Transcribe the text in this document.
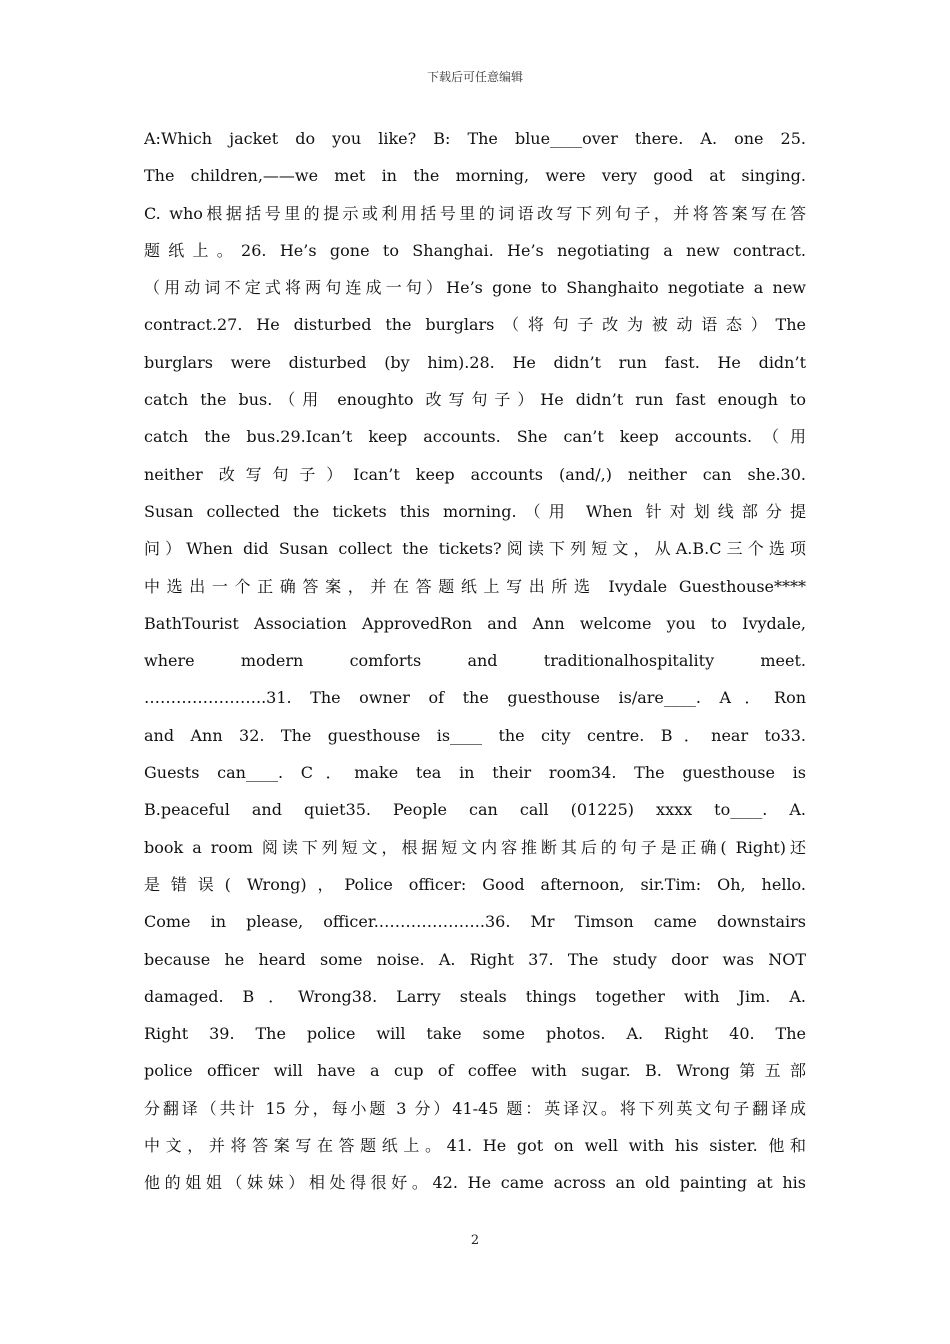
下载后可任意编辑
A:Which jacket do you like? B: The blue____over there. A. one 25.
The children,——we met in the morning, were very good at singing.
C. who根据括号里的提示或利用括号里的词语改写下列句子，并将答案写在答
题纸上。26. He’s gone to Shanghai. He’s negotiating a new contract.
（用动词不定式将两句连成一句）He’s gone to Shanghaito negotiate a new
contract.27. He disturbed the burglars（将句子改为被动语态）The
burglars were disturbed (by him).28. He didn’t run fast. He didn’t
catch the bus.（用 enoughto 改写句子）He didn’t run fast enough to
catch the bus.29.Ican’t keep accounts. She can’t keep accounts.（用
neither 改写句子）Ican’t keep accounts (and/,) neither can she.30.
Susan collected the tickets this morning.（用 When 针对划线部分提
问）When did Susan collect the tickets?阅读下列短文，从A.B.C三个选项
中选出一个正确答案，并在答题纸上写出所选 Ivydale Guesthouse****
BathTourist Association ApprovedRon and Ann welcome you to Ivydale,
where modern comforts and traditionalhospitality meet.
…………………..31. The owner of the guesthouse is/are____. A．Ron
and Ann 32. The guesthouse is____ the city centre. B．near to33.
Guests can____. C．make tea in their room34. The guesthouse is
B.peaceful and quiet35. People can call (01225) xxxx to____. A.
book a room 阅读下列短文，根据短文内容推断其后的句子是正确( Right)还
是错误( Wrong)，Police officer: Good afternoon, sir.Tim: Oh, hello.
Come in please, officer.………………..36. Mr Timson came downstairs
because he heard some noise. A. Right 37. The study door was NOT
damaged. B．Wrong38. Larry steals things together with Jim. A.
Right 39. The police will take some photos. A. Right 40. The
police officer will have a cup of coffee with sugar. B. Wrong第五部
分翻译（共计 15 分，每小题 3 分）41-45 题：英译汉。将下列英文句子翻译成
中文，并将答案写在答题纸上。41. He got on well with his sister. 他和
他的姐姐（妹妹）相处得很好。42. He came across an old painting at his
2
